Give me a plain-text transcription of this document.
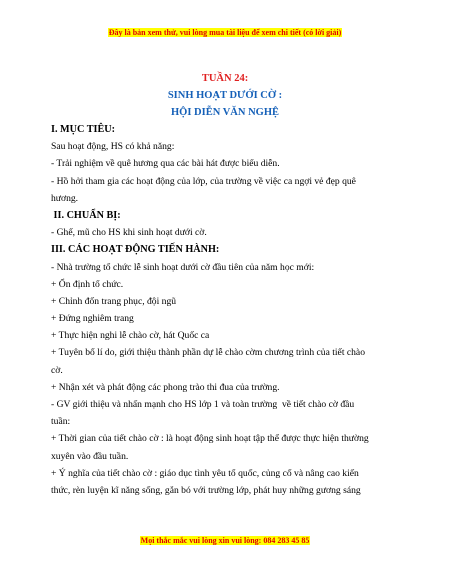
Đây là bản xem thử, vui lòng mua tài liệu để xem chi tiết (có lời giải)
TUẦN 24:
SINH HOẠT DƯỚI CỜ :
HỘI DIỄN VĂN NGHỆ
I. MỤC TIÊU:
Sau hoạt động, HS có khả năng:
- Trải nghiệm về quê hương qua các bài hát được biểu diễn.
- Hồ hởi tham gia các hoạt động của lớp, của trường về việc ca ngợi vẻ đẹp quê
hương.
II. CHUẨN BỊ:
- Ghế, mũ cho HS khi sinh hoạt dưới cờ.
III. CÁC HOẠT ĐỘNG TIẾN HÀNH:
- Nhà trường tổ chức lễ sinh hoạt dưới cờ đầu tiên của năm học mới:
+ Ổn định tổ chức.
+ Chỉnh đốn trang phục, đội ngũ
+ Đứng nghiêm trang
+ Thực hiện nghi lễ chào cờ, hát Quốc ca
+ Tuyên bố lí do, giới thiệu thành phần dự lễ chào cờm chương trình của tiết chào
cờ.
+ Nhận xét và phát động các phong trào thi đua của trường.
- GV giới thiệu và nhấn mạnh cho HS lớp 1 và toàn trường  về tiết chào cờ đầu
tuần:
+ Thời gian của tiết chào cờ : là hoạt động sinh hoạt tập thể được thực hiện thường
xuyên vào đầu tuần.
+ Ý nghĩa của tiết chào cờ : giáo dục tình yêu tổ quốc, củng cố và nâng cao kiến
thức, rèn luyện kĩ năng sống, gắn bó với trường lớp, phát huy những gương sáng
Mọi thắc mắc vui lòng xin vui lòng: 084 283 45 85
